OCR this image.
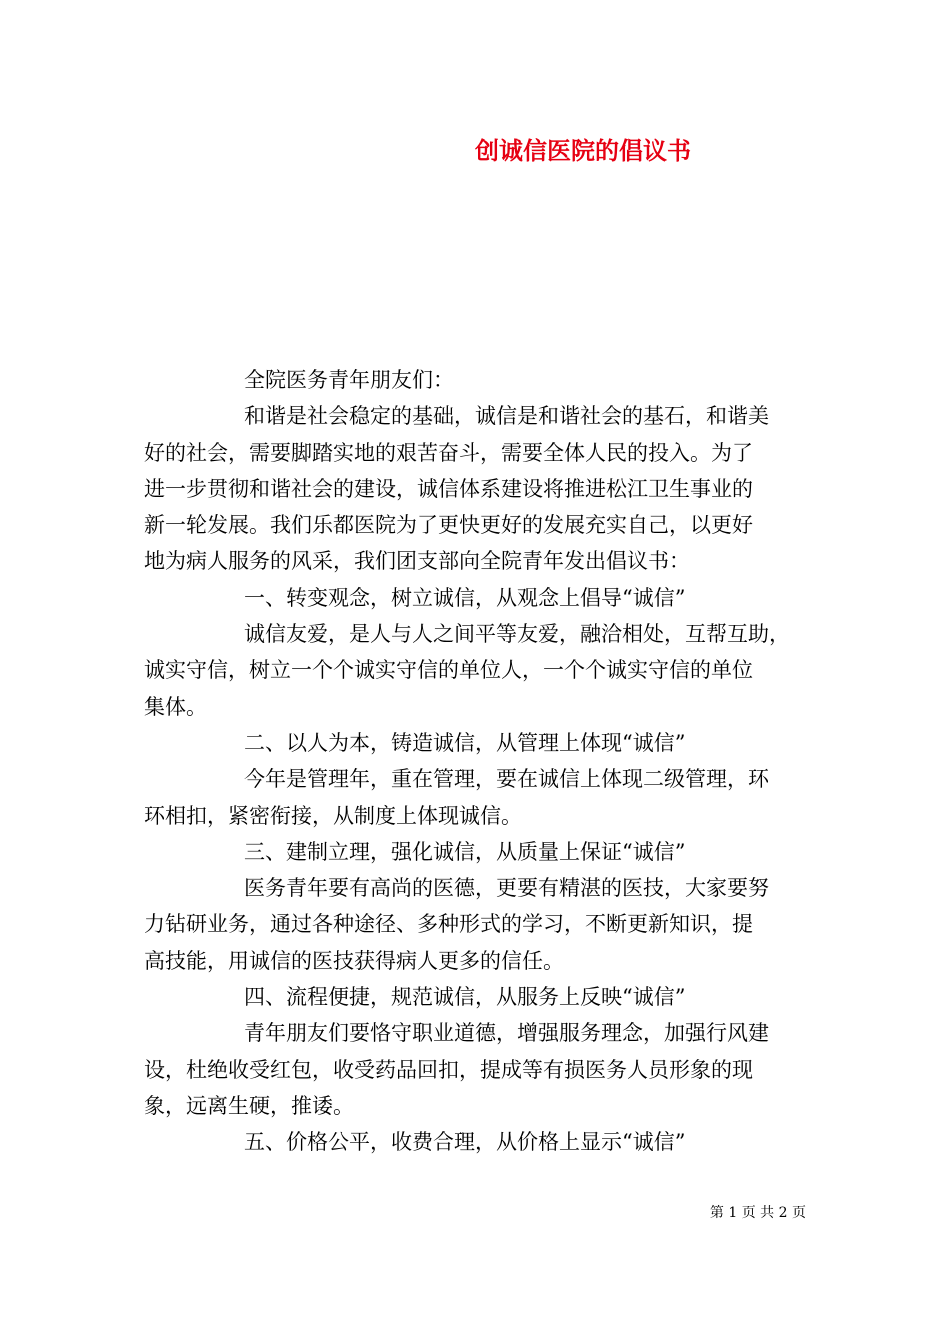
创诚信医院的倡议书

全院医务青年朋友们：

和谐是社会稳定的基础，诚信是和谐社会的基石，和谐美

好的社会，需要脚踏实地的艰苦奋斗，需要全体人民的投入。为了

进一步贯彻和谐社会的建设，诚信体系建设将推进松江卫生事业的

新一轮发展。我们乐都医院为了更快更好的发展充实自己，以更好

地为病人服务的风采，我们团支部向全院青年发出倡议书：

一、转变观念，树立诚信，从观念上倡导“诚信”

诚信友爱，是人与人之间平等友爱，融洽相处，互帮互助，

诚实守信，树立一个个诚实守信的单位人，一个个诚实守信的单位

集体。

二、以人为本，铸造诚信，从管理上体现“诚信”

今年是管理年，重在管理，要在诚信上体现二级管理，环

环相扣，紧密衔接，从制度上体现诚信。

三、建制立理，强化诚信，从质量上保证“诚信”

医务青年要有高尚的医德，更要有精湛的医技，大家要努

力钻研业务，通过各种途径、多种形式的学习，不断更新知识，提

高技能，用诚信的医技获得病人更多的信任。

四、流程便捷，规范诚信，从服务上反映“诚信”

青年朋友们要恪守职业道德，增强服务理念，加强行风建

设，杜绝收受红包，收受药品回扣，提成等有损医务人员形象的现

象，远离生硬，推诿。

五、价格公平，收费合理，从价格上显示“诚信”

第 1 页 共 2 页
